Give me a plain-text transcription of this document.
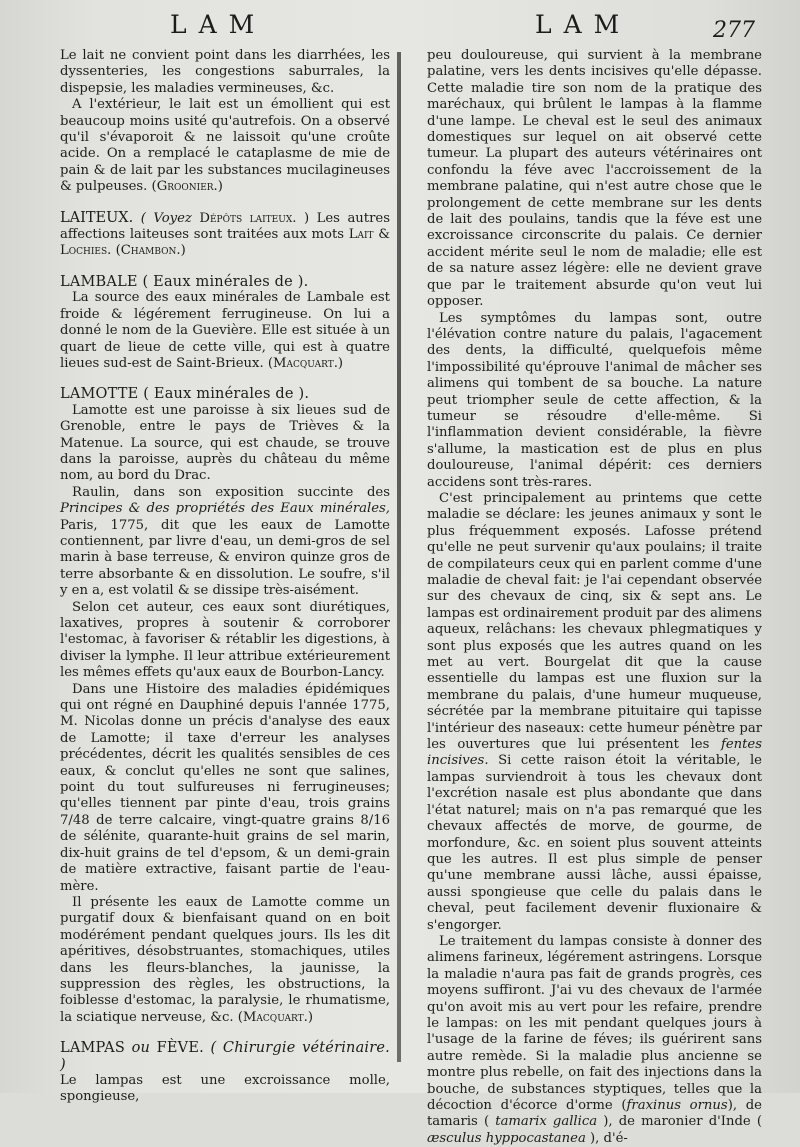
LAM	LAM	277

Le lait ne convient point dans les diarrhées, les dyssenteries, les congestions saburrales, la dispepsie, les maladies vermineuses, &c.

A l'extérieur, le lait est un émollient qui est beaucoup moins usité qu'autrefois. On a observé qu'il s'évaporoit & ne laissoit qu'une croûte acide. On a remplacé le cataplasme de mie de pain & de lait par les substances mucilagineuses & pulpeuses. (Groonier.)

LAITEUX. ( Voyez Dépôts laiteux. ) Les autres affections laiteuses sont traitées aux mots Lait & Lochies. (Chambon.)

LAMBALE ( Eaux minérales de ).

La source des eaux minérales de Lambale est froide & légérement ferrugineuse. On lui a donné le nom de la Guevière. Elle est située à un quart de lieue de cette ville, qui est à quatre lieues sud-est de Saint-Brieux. (Macquart.)

LAMOTTE ( Eaux minérales de ).

Lamotte est une paroisse à six lieues sud de Grenoble, entre le pays de Trièves & la Matenue. La source, qui est chaude, se trouve dans la paroisse, auprès du château du même nom, au bord du Drac.

Raulin, dans son exposition succinte des Principes & des propriétés des Eaux minérales, Paris, 1775, dit que les eaux de Lamotte contiennent, par livre d'eau, un demi-gros de sel marin à base terreuse, & environ quinze gros de terre absorbante & en dissolution. Le soufre, s'il y en a, est volatil & se dissipe très-aisément.

Selon cet auteur, ces eaux sont diurétiques, laxatives, propres à soutenir & corroborer l'estomac, à favoriser & rétablir les digestions, à diviser la lymphe. Il leur attribue extérieurement les mêmes effets qu'aux eaux de Bourbon-Lancy.

Dans une Histoire des maladies épidémiques qui ont régné en Dauphiné depuis l'année 1775, M. Nicolas donne un précis d'analyse des eaux de Lamotte; il taxe d'erreur les analyses précédentes, décrit les qualités sensibles de ces eaux, & conclut qu'elles ne sont que salines, point du tout sulfureuses ni ferrugineuses; qu'elles tiennent par pinte d'eau, trois grains 7/48 de terre calcaire, vingt-quatre grains 8/16 de sélénite, quarante-huit grains de sel marin, dix-huit grains de tel d'epsom, & un demi-grain de matière extractive, faisant partie de l'eau-mère.

Il présente les eaux de Lamotte comme un purgatif doux & bienfaisant quand on en boit modérément pendant quelques jours. Ils les dit apéritives, désobstruantes, stomachiques, utiles dans les fleurs-blanches, la jaunisse, la suppression des règles, les obstructions, la foiblesse d'estomac, la paralysie, le rhumatisme, la sciatique nerveuse, &c. (Macquart.)

LAMPAS ou FÈVE. ( Chirurgie vétérinaire. )

Le lampas est une excroissance molle, spongieuse,

peu douloureuse, qui survient à la membrane palatine, vers les dents incisives qu'elle dépasse. Cette maladie tire son nom de la pratique des maréchaux, qui brûlent le lampas à la flamme d'une lampe. Le cheval est le seul des animaux domestiques sur lequel on ait observé cette tumeur. La plupart des auteurs vétérinaires ont confondu la féve avec l'accroissement de la membrane palatine, qui n'est autre chose que le prolongement de cette membrane sur les dents de lait des poulains, tandis que la féve est une excroissance circonscrite du palais. Ce dernier accident mérite seul le nom de maladie; elle est de sa nature assez légère: elle ne devient grave que par le traitement absurde qu'on veut lui opposer.

Les symptômes du lampas sont, outre l'élévation contre nature du palais, l'agacement des dents, la difficulté, quelquefois même l'impossibilité qu'éprouve l'animal de mâcher ses alimens qui tombent de sa bouche. La nature peut triompher seule de cette affection, & la tumeur se résoudre d'elle-même. Si l'inflammation devient considérable, la fièvre s'allume, la mastication est de plus en plus douloureuse, l'animal dépérit: ces derniers accidens sont très-rares.

C'est principalement au printems que cette maladie se déclare: les jeunes animaux y sont le plus fréquemment exposés. Lafosse prétend qu'elle ne peut survenir qu'aux poulains; il traite de compilateurs ceux qui en parlent comme d'une maladie de cheval fait: je l'ai cependant observée sur des chevaux de cinq, six & sept ans. Le lampas est ordinairement produit par des alimens aqueux, relâchans: les chevaux phlegmatiques y sont plus exposés que les autres quand on les met au vert. Bourgelat dit que la cause essentielle du lampas est une fluxion sur la membrane du palais, d'une humeur muqueuse, sécrétée par la membrane pituitaire qui tapisse l'intérieur des naseaux: cette humeur pénètre par les ouvertures que lui présentent les fentes incisives. Si cette raison étoit la véritable, le lampas surviendroit à tous les chevaux dont l'excrétion nasale est plus abondante que dans l'état naturel; mais on n'a pas remarqué que les chevaux affectés de morve, de gourme, de morfondure, &c. en soient plus souvent atteints que les autres. Il est plus simple de penser qu'une membrane aussi lâche, aussi épaisse, aussi spongieuse que celle du palais dans le cheval, peut facilement devenir fluxionaire & s'engorger.

Le traitement du lampas consiste à donner des alimens farineux, légérement astringens. Lorsque la maladie n'aura pas fait de grands progrès, ces moyens suffiront. J'ai vu des chevaux de l'armée qu'on avoit mis au vert pour les refaire, prendre le lampas: on les mit pendant quelques jours à l'usage de la farine de féves; ils guérirent sans autre remède. Si la maladie plus ancienne se montre plus rebelle, on fait des injections dans la bouche, de substances styptiques, telles que la décoction d'écorce d'orme (fraxinus ornus), de tamaris ( tamarix gallica ), de maronier d'Inde ( æsculus hyppocastanea ), d'é-
